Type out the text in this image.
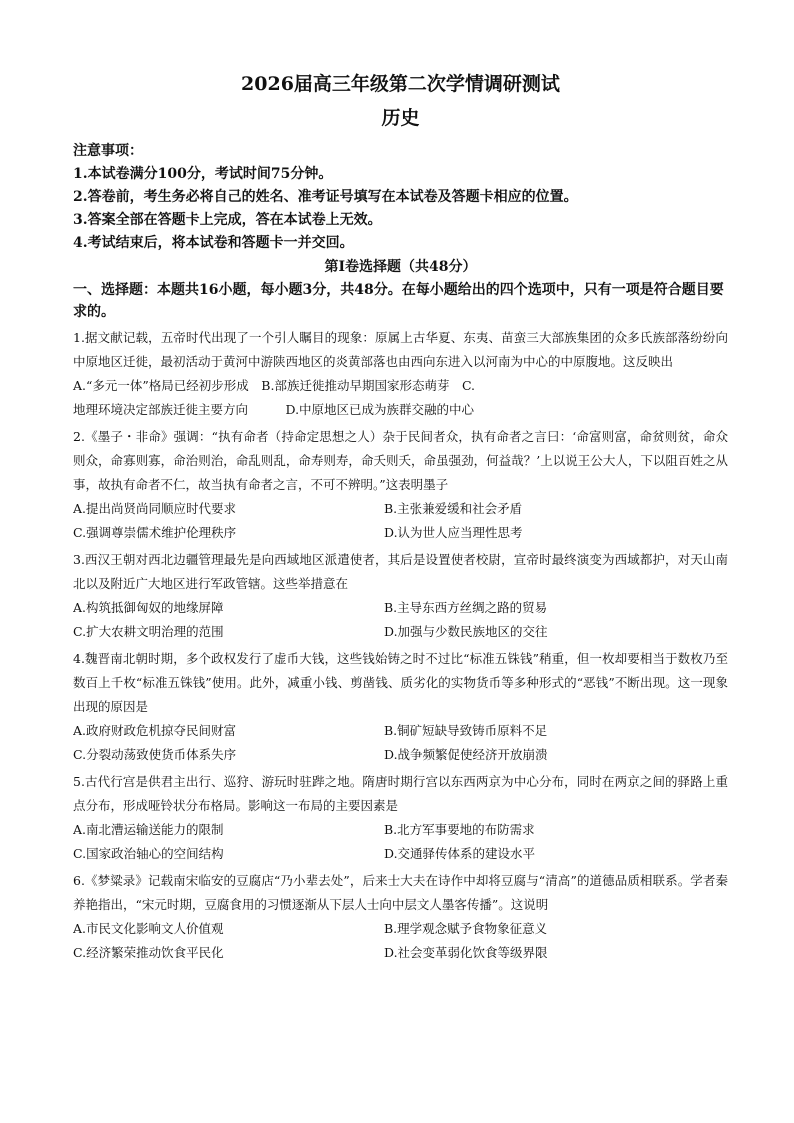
2026届高三年级第二次学情调研测试
历史
注意事项：
1.本试卷满分100分，考试时间75分钟。
2.答卷前，考生务必将自己的姓名、准考证号填写在本试卷及答题卡相应的位置。
3.答案全部在答题卡上完成，答在本试卷上无效。
4.考试结束后，将本试卷和答题卡一并交回。
第Ⅰ卷选择题（共48分）
一、选择题：本题共16小题，每小题3分，共48分。在每小题给出的四个选项中，只有一项是符合题目要求的。
1.据文献记载，五帝时代出现了一个引人瞩目的现象：原属上古华夏、东夷、苗蛮三大部族集团的众多氏族部落纷纷向中原地区迁徙，最初活动于黄河中游陕西地区的炎黄部落也由西向东进入以河南为中心的中原腹地。这反映出
A.“多元一体”格局已经初步形成　B.部族迁徙推动早期国家形态萌芽　C.
地理环境决定部族迁徙主要方向　　　D.中原地区已成为族群交融的中心
2.《墨子・非命》强调：“执有命者（持命定思想之人）杂于民间者众，执有命者之言曰：‘命富则富，命贫则贫，命众则众，命寡则寡，命治则治，命乱则乱，命寿则寿，命夭则夭，命虽强劲，何益哉？’上以说王公大人，下以阻百姓之从事，故执有命者不仁，故当执有命者之言，不可不辨明。”这表明墨子
A.提出尚贤尚同顺应时代要求	B.主张兼爱缓和社会矛盾
C.强调尊崇儒术维护伦理秩序	D.认为世人应当理性思考
3.西汉王朝对西北边疆管理最先是向西域地区派遣使者，其后是设置使者校尉，宣帝时最终演变为西域都护，对天山南北以及附近广大地区进行军政管辖。这些举措意在
A.构筑抵御匈奴的地缘屏障	B.主导东西方丝绸之路的贸易
C.扩大农耕文明治理的范围	D.加强与少数民族地区的交往
4.魏晋南北朝时期，多个政权发行了虚币大钱，这些钱始铸之时不过比“标准五铢钱”稍重，但一枚却要相当于数枚乃至数百上千枚“标准五铢钱”使用。此外，减重小钱、剪凿钱、质劣化的实物货币等多种形式的“恶钱”不断出现。这一现象出现的原因是
A.政府财政危机掠夺民间财富	B.铜矿短缺导致铸币原料不足
C.分裂动荡致使货币体系失序	D.战争频繁促使经济开放崩溃
5.古代行宫是供君主出行、巡狩、游玩时驻跸之地。隋唐时期行宫以东西两京为中心分布，同时在两京之间的驿路上重点分布，形成哑铃状分布格局。影响这一布局的主要因素是
A.南北漕运输送能力的限制	B.北方军事要地的布防需求
C.国家政治轴心的空间结构	D.交通驿传体系的建设水平
6.《梦粱录》记载南宋临安的豆腐店“乃小辈去处”，后来士大夫在诗作中却将豆腐与“清高”的道德品质相联系。学者秦养艳指出，“宋元时期，豆腐食用的习惯逐渐从下层人士向中层文人墨客传播”。这说明
A.市民文化影响文人价值观	B.理学观念赋予食物象征意义
C.经济繁荣推动饮食平民化	D.社会变革弱化饮食等级界限
